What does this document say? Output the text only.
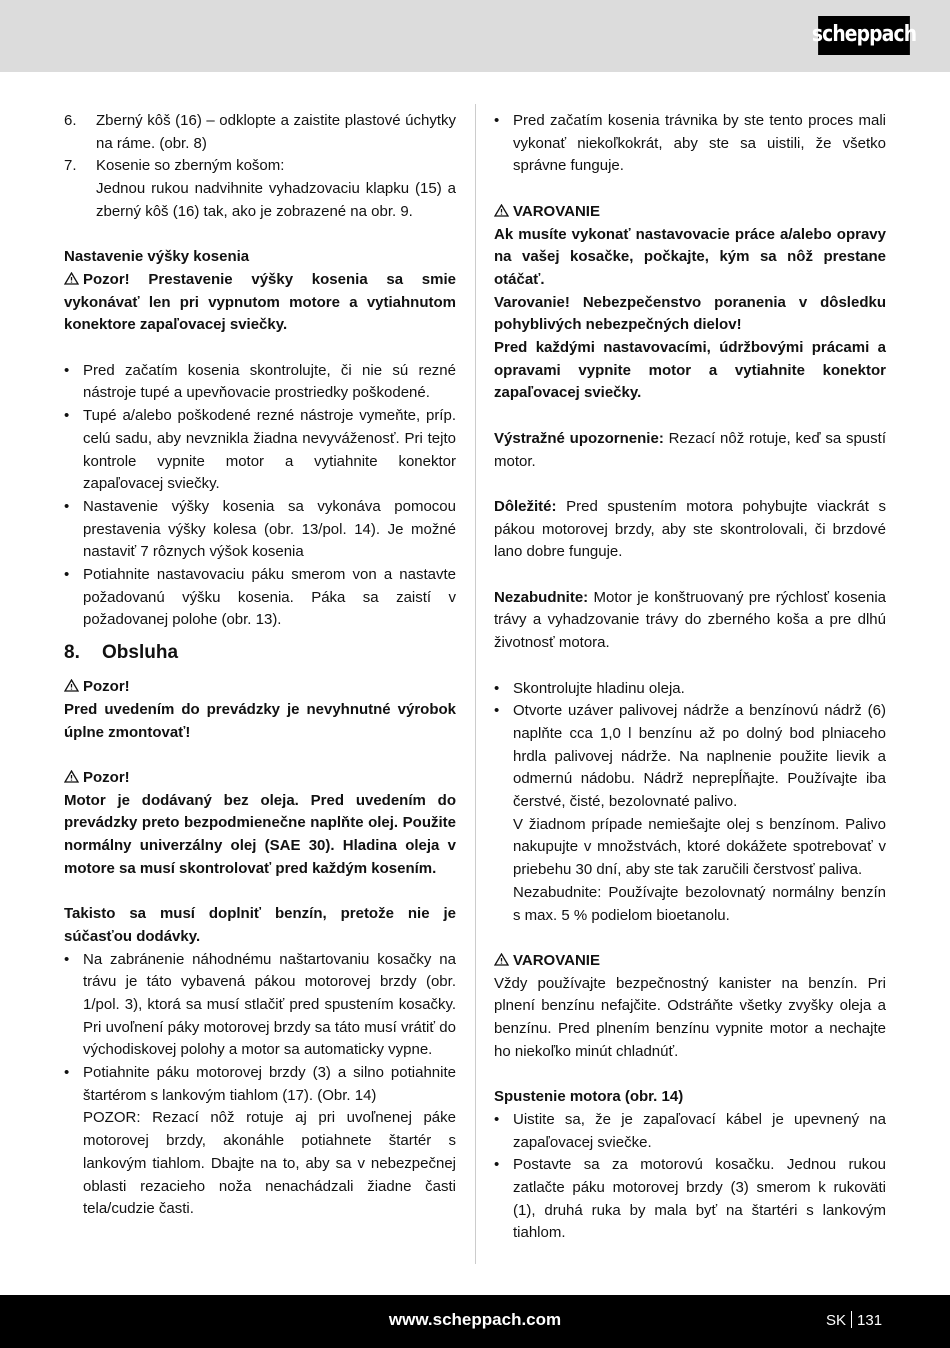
scheppach
6. Zberný kôš (16) – odklopte a zaistite plastové úchytky na ráme. (obr. 8)
7. Kosenie so zberným košom:
Jednou rukou nadvihnite vyhadzovaciu klapku (15) a zberný kôš (16) tak, ako je zobrazené na obr. 9.

Nastavenie výšky kosenia

Pozor! Prestavenie výšky kosenia sa smie vykonávať len pri vypnutom motore a vytiahnutom konektore zapaľovacej sviečky.

• Pred začatím kosenia skontrolujte, či nie sú rezné nástroje tupé a upevňovacie prostriedky poškodené.
• Tupé a/alebo poškodené rezné nástroje vymeňte, príp. celú sadu, aby nevznikla žiadna nevyváženosť. Pri tejto kontrole vypnite motor a vytiahnite konektor zapaľovacej sviečky.
• Nastavenie výšky kosenia sa vykonáva pomocou prestavenia výšky kolesa (obr. 13/pol. 14). Je možné nastaviť 7 rôznych výšok kosenia
• Potiahnite nastavovaciu páku smerom von a nastavte požadovanú výšku kosenia. Páka sa zaistí v požadovanej polohe (obr. 13).
8. Obsluha

Pozor!

Pred uvedením do prevádzky je nevyhnutné výrobok úplne zmontovať!

Pozor!

Motor je dodávaný bez oleja. Pred uvedením do prevádzky preto bezpodmienečne naplňte olej. Použite normálny univerzálny olej (SAE 30). Hladina oleja v motore sa musí skontrolovať pred každým kosením.

Takisto sa musí doplniť benzín, pretože nie je súčasťou dodávky.

• Na zabránenie náhodnému naštartovaniu kosačky na trávu je táto vybavená pákou motorovej brzdy (obr. 1/pol. 3), ktorá sa musí stlačiť pred spustením kosačky. Pri uvoľnení páky motorovej brzdy sa táto musí vrátiť do východiskovej polohy a motor sa automaticky vypne.
• Potiahnite páku motorovej brzdy (3) a silno potiahnite štartérom s lankovým tiahlom (17). (Obr. 14)
POZOR: Rezací nôž rotuje aj pri uvoľnenej páke motorovej brzdy, akonáhle potiahnete štartér s lankovým tiahlom. Dbajte na to, aby sa v nebezpečnej oblasti rezacieho noža nenachádzali žiadne časti tela/cudzie časti.
• Pred začatím kosenia trávnika by ste tento proces mali vykonať niekoľkokrát, aby ste sa uistili, že všetko správne funguje.

VAROVANIE

Ak musíte vykonať nastavovacie práce a/alebo opravy na vašej kosačke, počkajte, kým sa nôž prestane otáčať.

Varovanie! Nebezpečenstvo poranenia v dôsledku pohyblivých nebezpečných dielov!

Pred každými nastavovacími, údržbovými prácami a opravami vypnite motor a vytiahnite konektor zapaľovacej sviečky.

Výstražné upozornenie: Rezací nôž rotuje, keď sa spustí motor.

Dôležité: Pred spustením motora pohybujte viackrát s pákou motorovej brzdy, aby ste skontrolovali, či brzdové lano dobre funguje.

Nezabudnite: Motor je konštruovaný pre rýchlosť kosenia trávy a vyhadzovanie trávy do zberného koša a pre dlhú životnosť motora.

• Skontrolujte hladinu oleja.
• Otvorte uzáver palivovej nádrže a benzínovú nádrž (6) naplňte cca 1,0 l benzínu až po dolný bod plniaceho hrdla palivovej nádrže. Na naplnenie použite lievik a odmernú nádobu. Nádrž neprepĺňajte. Používajte iba čerstvé, čisté, bezolovnaté palivo.
V žiadnom prípade nemiešajte olej s benzínom. Palivo nakupujte v množstvách, ktoré dokážete spotrebovať v priebehu 30 dní, aby ste tak zaručili čerstvosť paliva.
Nezabudnite: Používajte bezolovnatý normálny benzín s max. 5 % podielom bioetanolu.

VAROVANIE

Vždy používajte bezpečnostný kanister na benzín. Pri plnení benzínu nefajčite. Odstráňte všetky zvyšky oleja a benzínu. Pred plnením benzínu vypnite motor a nechajte ho niekoľko minút chladnúť.

Spustenie motora (obr. 14)

• Uistite sa, že je zapaľovací kábel je upevnený na zapaľovacej sviečke.
• Postavte sa za motorovú kosačku. Jednou rukou zatlačte páku motorovej brzdy (3) smerom k rukoväti (1), druhá ruka by mala byť na štartéri s lankovým tiahlom.
www.scheppach.com	SK 131
